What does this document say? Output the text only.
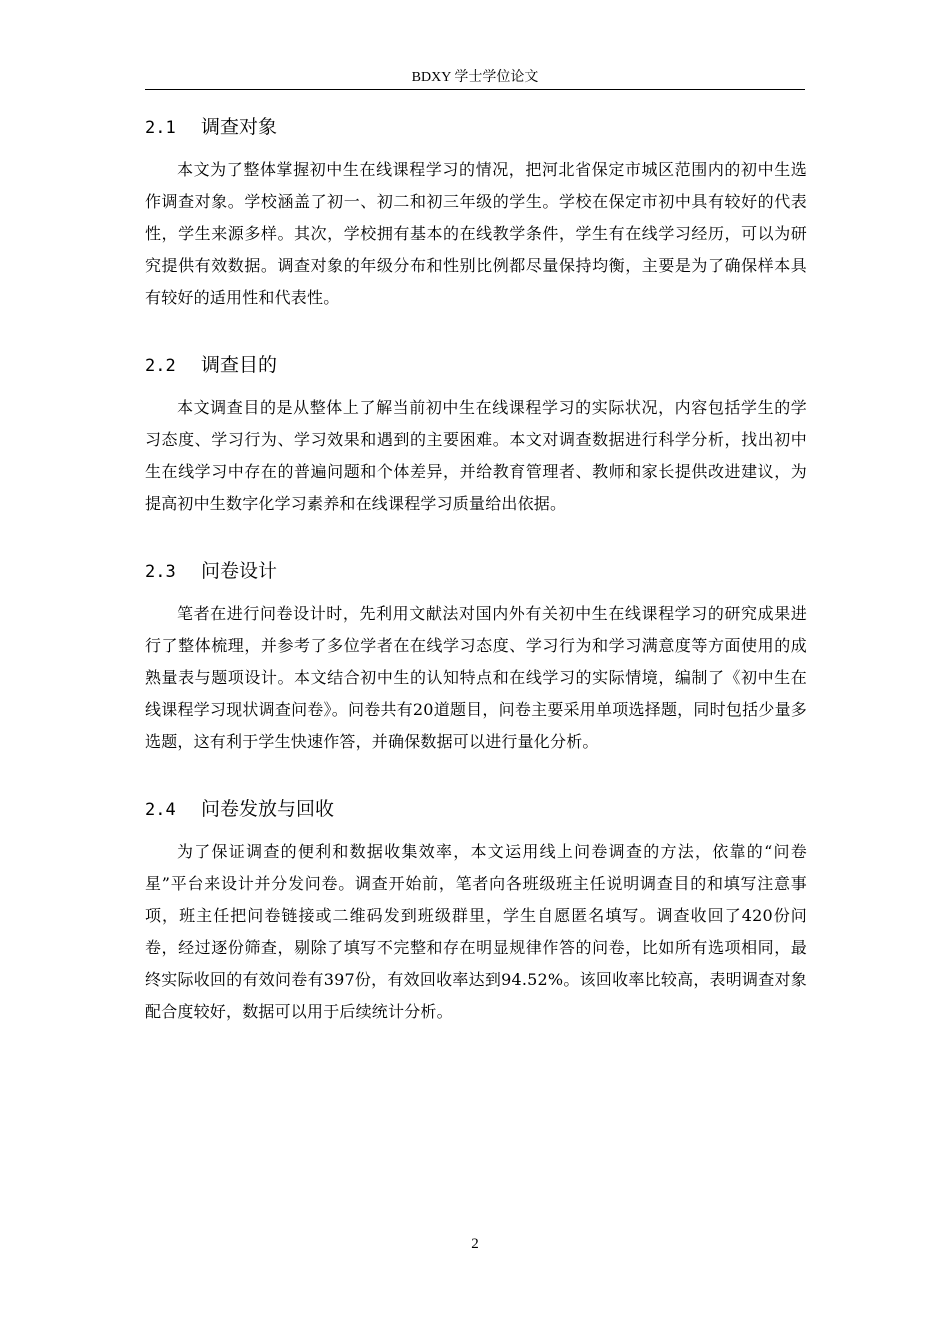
BDXY 学士学位论文
2.1 调查对象

本文为了整体掌握初中生在线课程学习的情况，把河北省保定市城区范围内的初中生选作调查对象。学校涵盖了初一、初二和初三年级的学生。学校在保定市初中具有较好的代表性，学生来源多样。其次，学校拥有基本的在线教学条件，学生有在线学习经历，可以为研究提供有效数据。调查对象的年级分布和性别比例都尽量保持均衡，主要是为了确保样本具有较好的适用性和代表性。

2.2 调查目的

本文调查目的是从整体上了解当前初中生在线课程学习的实际状况，内容包括学生的学习态度、学习行为、学习效果和遇到的主要困难。本文对调查数据进行科学分析，找出初中生在线学习中存在的普遍问题和个体差异，并给教育管理者、教师和家长提供改进建议，为提高初中生数字化学习素养和在线课程学习质量给出依据。

2.3 问卷设计

笔者在进行问卷设计时，先利用文献法对国内外有关初中生在线课程学习的研究成果进行了整体梳理，并参考了多位学者在在线学习态度、学习行为和学习满意度等方面使用的成熟量表与题项设计。本文结合初中生的认知特点和在线学习的实际情境，编制了《初中生在线课程学习现状调查问卷》。问卷共有20道题目，问卷主要采用单项选择题，同时包括少量多选题，这有利于学生快速作答，并确保数据可以进行量化分析。

2.4 问卷发放与回收

为了保证调查的便利和数据收集效率，本文运用线上问卷调查的方法，依靠的“问卷星”平台来设计并分发问卷。调查开始前，笔者向各班级班主任说明调查目的和填写注意事项，班主任把问卷链接或二维码发到班级群里，学生自愿匿名填写。调查收回了420份问卷，经过逐份筛查，剔除了填写不完整和存在明显规律作答的问卷，比如所有选项相同，最终实际收回的有效问卷有397份，有效回收率达到94.52%。该回收率比较高，表明调查对象配合度较好，数据可以用于后续统计分析。

2
